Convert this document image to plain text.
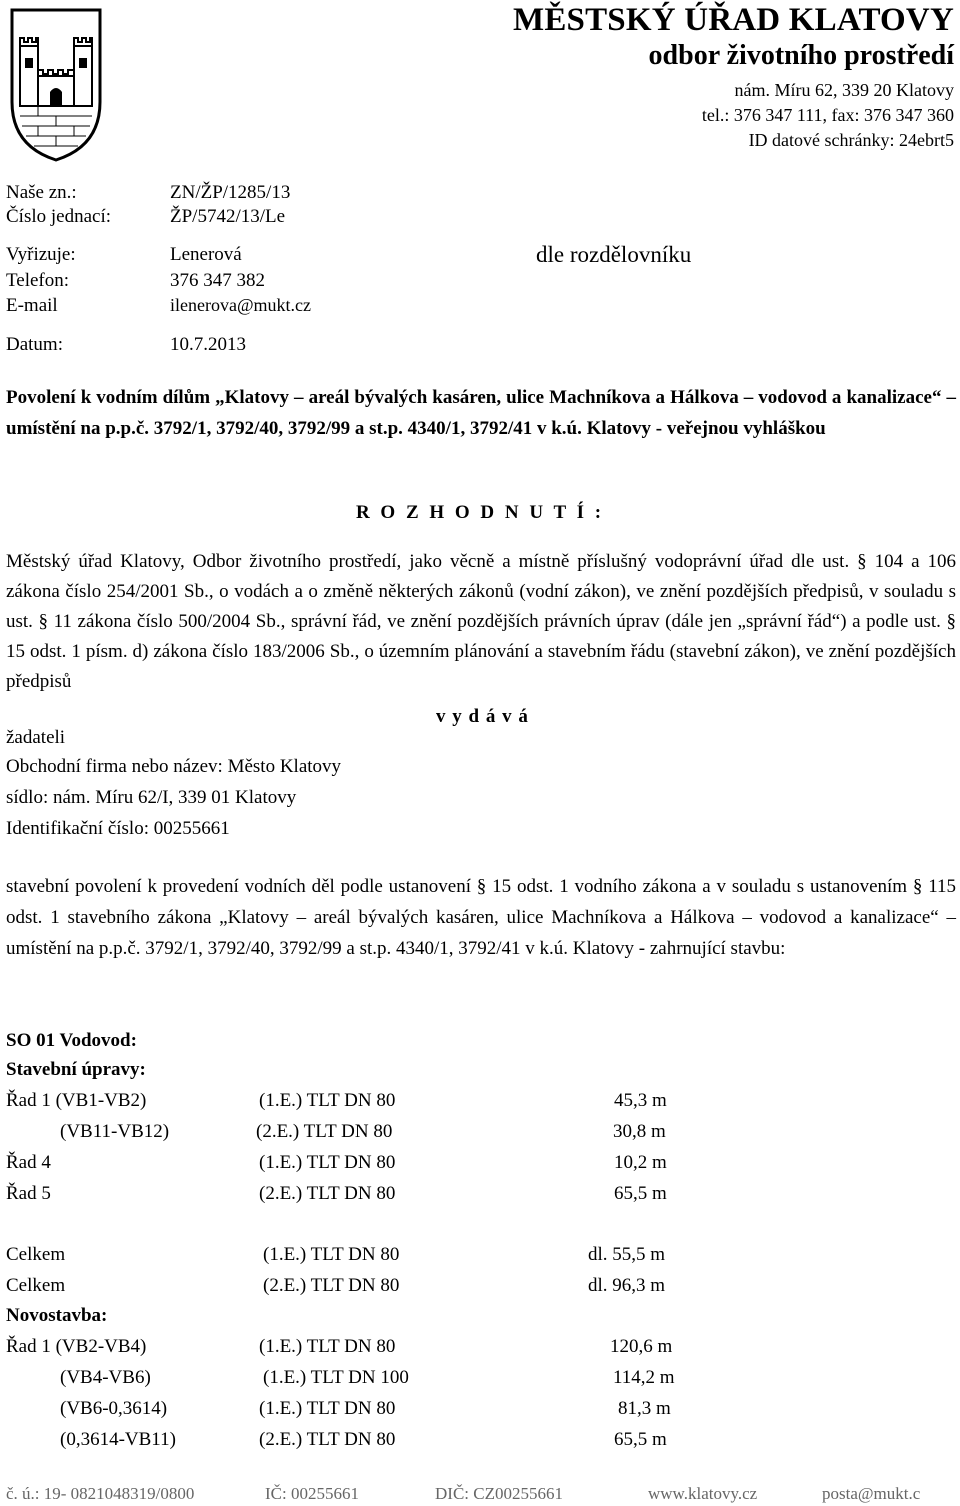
MĚSTSKÝ ÚŘAD KLATOVY
odbor životního prostředí
nám. Míru 62, 339 20 Klatovy
tel.: 376 347 111, fax: 376 347 360
ID datové schránky: 24ebrt5
Naše zn.:	ZN/ŽP/1285/13
Číslo jednací:	ŽP/5742/13/Le
Vyřizuje:	Lenerová
Telefon:	376 347 382
E-mail	ilenerova@mukt.cz
Datum:	10.7.2013
dle rozdělovníku
Povolení k vodním dílům „Klatovy – areál bývalých kasáren, ulice Machníkova a Hálkova – vodovod a kanalizace“ – umístění na p.p.č. 3792/1, 3792/40, 3792/99 a st.p. 4340/1, 3792/41 v k.ú. Klatovy - veřejnou vyhláškou
R O Z H O D N U T Í :
Městský úřad Klatovy, Odbor životního prostředí, jako věcně a místně příslušný vodoprávní úřad dle ust. § 104 a 106 zákona číslo 254/2001 Sb., o vodách a o změně některých zákonů (vodní zákon), ve znění pozdějších předpisů, v souladu s ust. § 11 zákona číslo 500/2004 Sb., správní řád, ve znění pozdějších právních úprav (dále jen „správní řád“) a podle ust. § 15 odst. 1 písm. d) zákona číslo 183/2006 Sb., o územním plánování a stavebním řádu (stavební zákon), ve znění pozdějších předpisů
v y d á v á
žadateli
Obchodní firma nebo název: Město Klatovy
sídlo: nám. Míru 62/I, 339 01 Klatovy
Identifikační číslo: 00255661
stavební povolení k provedení vodních děl podle ustanovení § 15 odst. 1 vodního zákona a v souladu s ustanovením § 115 odst. 1 stavebního zákona „Klatovy – areál bývalých kasáren, ulice Machníkova a Hálkova – vodovod a kanalizace“ – umístění na p.p.č. 3792/1, 3792/40, 3792/99 a st.p. 4340/1, 3792/41 v k.ú. Klatovy - zahrnující stavbu:
SO 01 Vodovod:
Stavební úpravy:
Řad 1 (VB1-VB2)	(1.E.) TLT DN 80	45,3 m
(VB11-VB12)	(2.E.) TLT DN 80	30,8 m
Řad 4	(1.E.) TLT DN 80	10,2 m
Řad 5	(2.E.) TLT DN 80	65,5 m
Celkem	(1.E.) TLT DN 80	dl. 55,5 m
Celkem	(2.E.) TLT DN 80	dl. 96,3 m
Novostavba:
Řad 1 (VB2-VB4)	(1.E.) TLT DN 80	120,6 m
(VB4-VB6)	(1.E.) TLT DN 100	114,2 m
(VB6-0,3614)	(1.E.) TLT DN 80	81,3 m
(0,3614-VB11)	(2.E.) TLT DN 80	65,5 m
č. ú.: 19- 0821048319/0800	IČ: 00255661	DIČ: CZ00255661	www.klatovy.cz	posta@mukt.c
